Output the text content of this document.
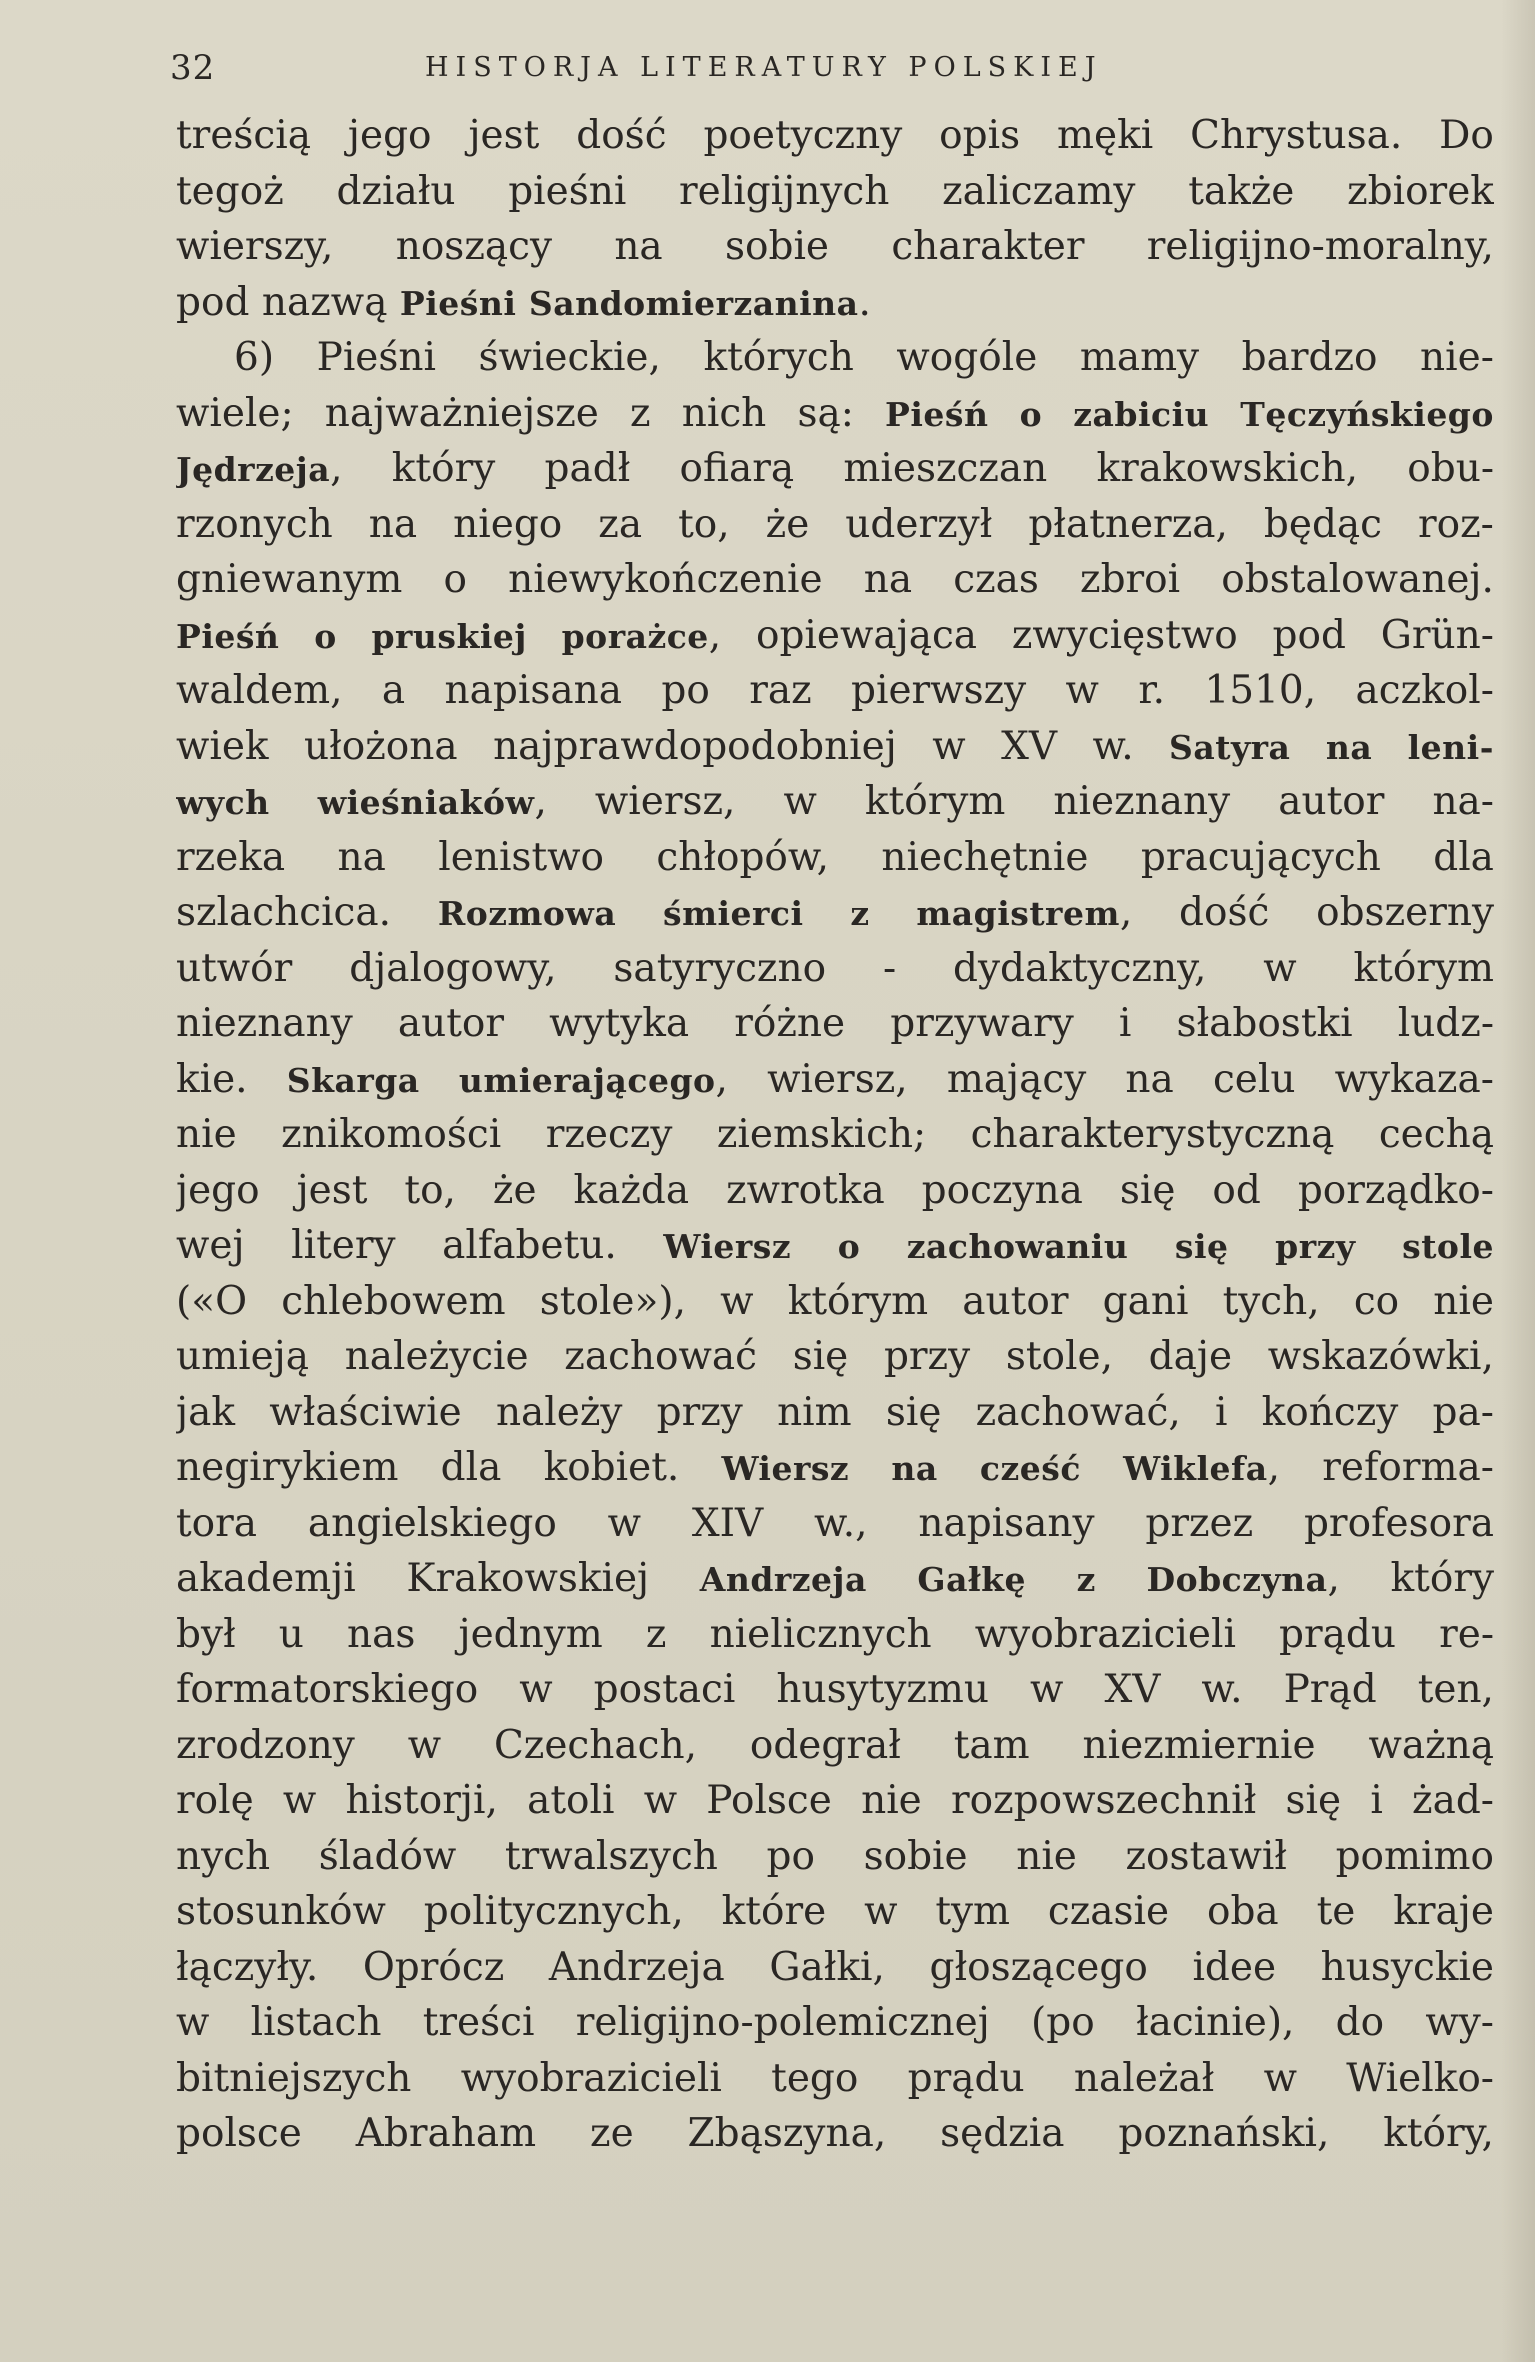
32	HISTORJA LITERATURY POLSKIEJ
treścią jego jest dość poetyczny opis męki Chrystusa. Do
tegoż działu pieśni religijnych zaliczamy także zbiorek
wierszy, noszący na sobie charakter religijno-moralny,
pod nazwą Pieśni Sandomierzanina.
6) Pieśni świeckie, których wogóle mamy bardzo nie-
wiele; najważniejsze z nich są: Pieśń o zabiciu Tęczyńskiego
Jędrzeja, który padł ofiarą mieszczan krakowskich, obu-
rzonych na niego za to, że uderzył płatnerza, będąc roz-
gniewanym o niewykończenie na czas zbroi obstalowanej.
Pieśń o pruskiej porażce, opiewająca zwycięstwo pod Grün-
waldem, a napisana po raz pierwszy w r. 1510, aczkol-
wiek ułożona najprawdopodobniej w XV w. Satyra na leni-
wych wieśniaków, wiersz, w którym nieznany autor na-
rzeka na lenistwo chłopów, niechętnie pracujących dla
szlachcica. Rozmowa śmierci z magistrem, dość obszerny
utwór djalogowy, satyryczno - dydaktyczny, w którym
nieznany autor wytyka różne przywary i słabostki ludz-
kie. Skarga umierającego, wiersz, mający na celu wykaza-
nie znikomości rzeczy ziemskich; charakterystyczną cechą
jego jest to, że każda zwrotka poczyna się od porządko-
wej litery alfabetu. Wiersz o zachowaniu się przy stole
(«O chlebowem stole»), w którym autor gani tych, co nie
umieją należycie zachować się przy stole, daje wskazówki,
jak właściwie należy przy nim się zachować, i kończy pa-
negirykiem dla kobiet. Wiersz na cześć Wiklefa, reforma-
tora angielskiego w XIV w., napisany przez profesora
akademji Krakowskiej Andrzeja Gałkę z Dobczyna, który
był u nas jednym z nielicznych wyobrazicieli prądu re-
formatorskiego w postaci husytyzmu w XV w. Prąd ten,
zrodzony w Czechach, odegrał tam niezmiernie ważną
rolę w historji, atoli w Polsce nie rozpowszechnił się i żad-
nych śladów trwalszych po sobie nie zostawił pomimo
stosunków politycznych, które w tym czasie oba te kraje
łączyły. Oprócz Andrzeja Gałki, głoszącego idee husyckie
w listach treści religijno-polemicznej (po łacinie), do wy-
bitniejszych wyobrazicieli tego prądu należał w Wielko-
polsce Abraham ze Zbąszyna, sędzia poznański, który,
